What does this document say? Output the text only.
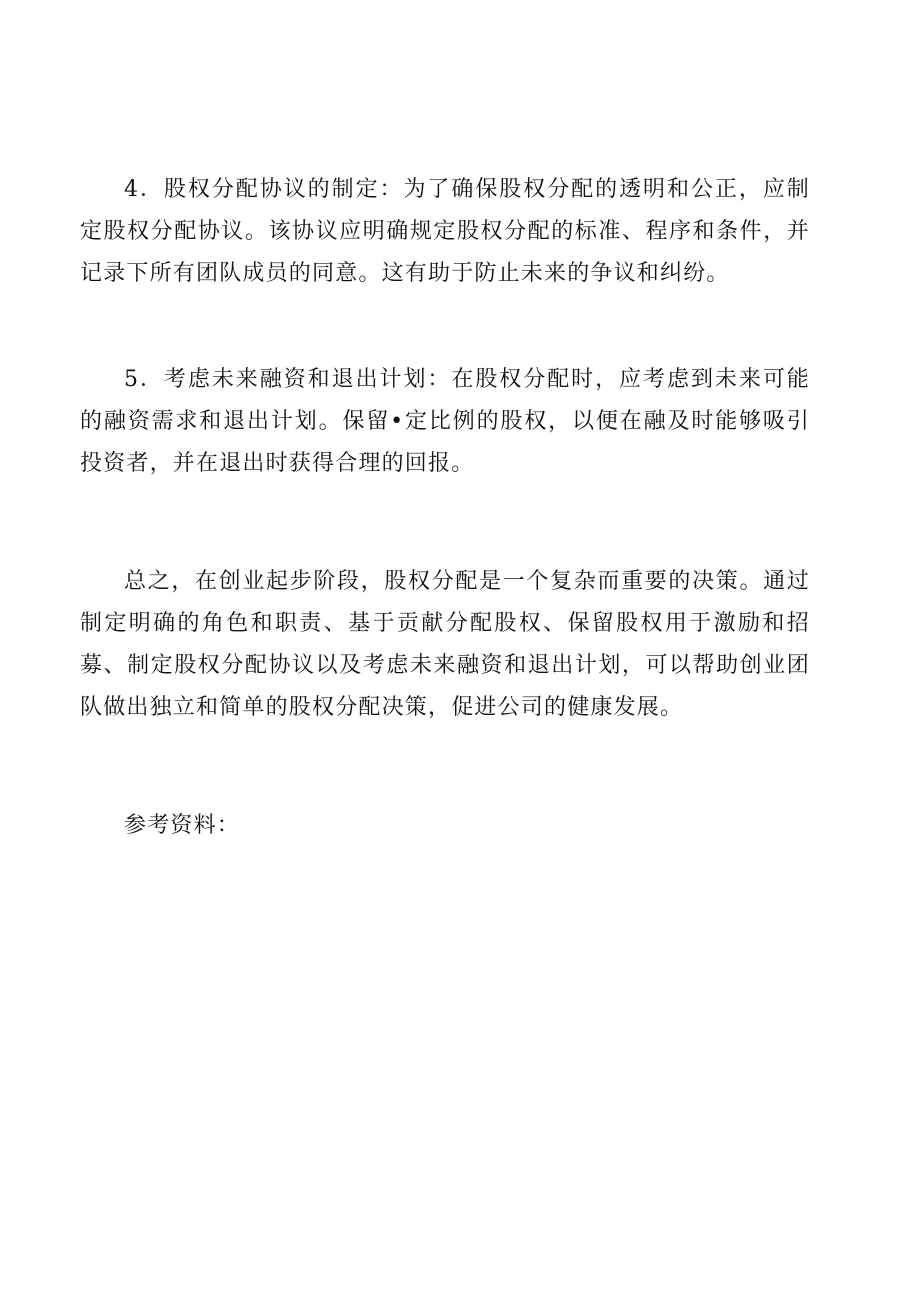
4．股权分配协议的制定：为了确保股权分配的透明和公正，应制定股权分配协议。该协议应明确规定股权分配的标准、程序和条件，并记录下所有团队成员的同意。这有助于防止未来的争议和纠纷。

5．考虑未来融资和退出计划：在股权分配时，应考虑到未来可能的融资需求和退出计划。保留•定比例的股权，以便在融及时能够吸引投资者，并在退出时获得合理的回报。

总之，在创业起步阶段，股权分配是一个复杂而重要的决策。通过制定明确的角色和职责、基于贡献分配股权、保留股权用于激励和招募、制定股权分配协议以及考虑未来融资和退出计划，可以帮助创业团队做出独立和简单的股权分配决策，促进公司的健康发展。

参考资料：
